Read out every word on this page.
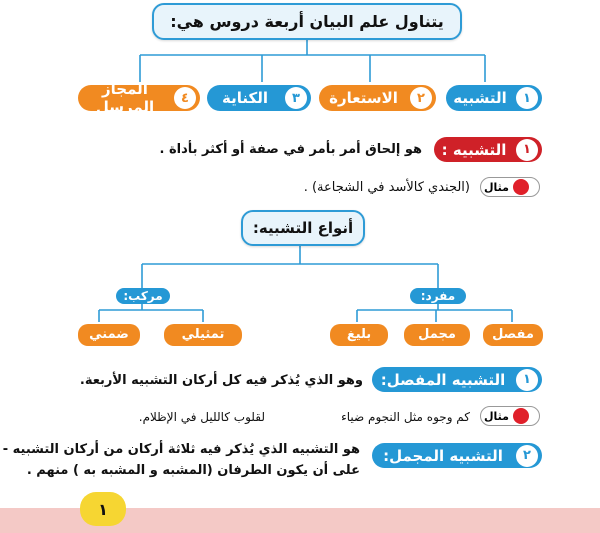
يتناول علم البيان أربعة دروس هي:
١
التشبيه
٢
الاستعارة
٣
الكناية
٤
المجاز المرسل
١
التشبيه :
هو إلحاق أمر بأمر في صفة أو أكثر بأداة .
مثال
(الجندي كالأسد في الشجاعة) .
أنواع التشبيه:
مركب:	مفرد:
تمثيلي
ضمني	مفصل
مجمل
بليغ
١
التشبيه المفصل:
وهو الذي يُذكر فيه كل أركان التشبيه الأربعة.
مثال
كم وجوه مثل النجوم ضياء
لقلوب كالليل في الإظلام.
٢
التشبيه المجمل:
هو التشبيه الذي يُذكر فيه ثلاثة أركان من أركان التشبيه -
على أن يكون الطرفان (المشبه و المشبه به ) منهم .
١
